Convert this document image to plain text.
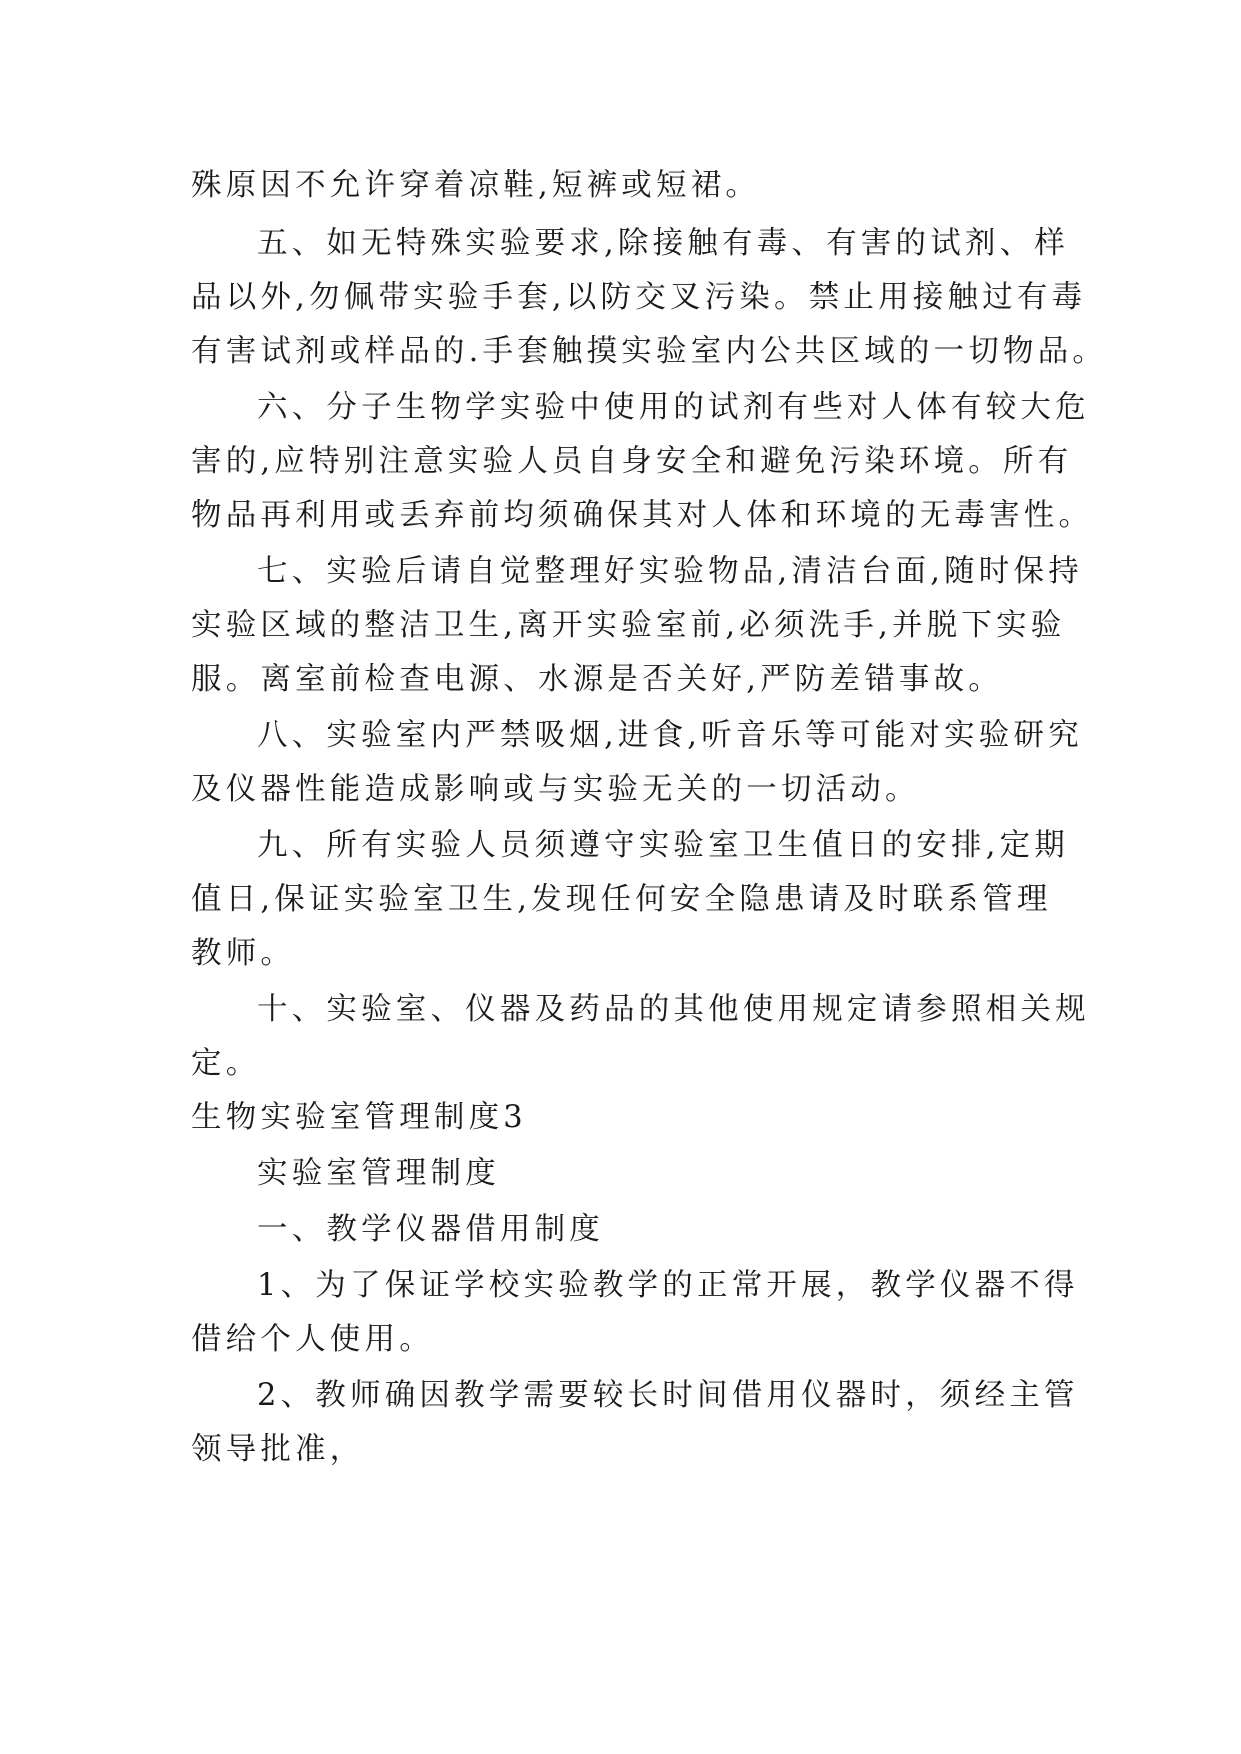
殊原因不允许穿着凉鞋,短裤或短裙。
五、如无特殊实验要求,除接触有毒、有害的试剂、样
品以外,勿佩带实验手套,以防交叉污染。禁止用接触过有毒
有害试剂或样品的.手套触摸实验室内公共区域的一切物品。
六、分子生物学实验中使用的试剂有些对人体有较大危
害的,应特别注意实验人员自身安全和避免污染环境。所有
物品再利用或丢弃前均须确保其对人体和环境的无毒害性。
七、实验后请自觉整理好实验物品,清洁台面,随时保持
实验区域的整洁卫生,离开实验室前,必须洗手,并脱下实验
服。离室前检查电源、水源是否关好,严防差错事故。
八、实验室内严禁吸烟,进食,听音乐等可能对实验研究
及仪器性能造成影响或与实验无关的一切活动。
九、所有实验人员须遵守实验室卫生值日的安排,定期
值日,保证实验室卫生,发现任何安全隐患请及时联系管理
教师。
十、实验室、仪器及药品的其他使用规定请参照相关规
定。
生物实验室管理制度3
实验室管理制度
一、教学仪器借用制度
1、为了保证学校实验教学的正常开展，教学仪器不得
借给个人使用。
2、教师确因教学需要较长时间借用仪器时，须经主管
领导批准，
